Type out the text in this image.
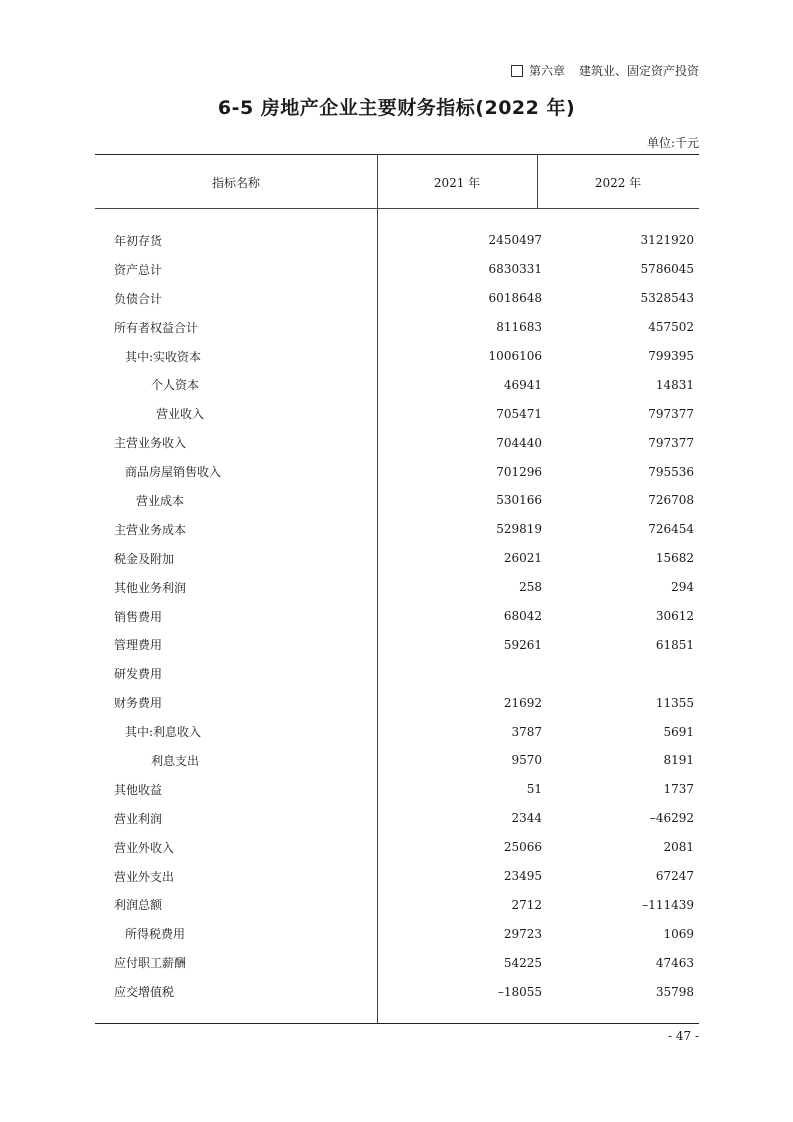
第六章 建筑业、固定资产投资
6-5 房地产企业主要财务指标(2022 年)
单位:千元
指标名称	2021 年	2022 年
年初存货	2450497	3121920
资产总计	6830331	5786045
负债合计	6018648	5328543
所有者权益合计	811683	457502
其中:实收资本	1006106	799395
个人资本	46941	14831
营业收入	705471	797377
主营业务收入	704440	797377
商品房屋销售收入	701296	795536
营业成本	530166	726708
主营业务成本	529819	726454
税金及附加	26021	15682
其他业务利润	258	294
销售费用	68042	30612
管理费用	59261	61851
研发费用
财务费用	21692	11355
其中:利息收入	3787	5691
利息支出	9570	8191
其他收益	51	1737
营业利润	2344	–46292
营业外收入	25066	2081
营业外支出	23495	67247
利润总额	2712	–111439
所得税费用	29723	1069
应付职工薪酬	54225	47463
应交增值税	–18055	35798
- 47 -
